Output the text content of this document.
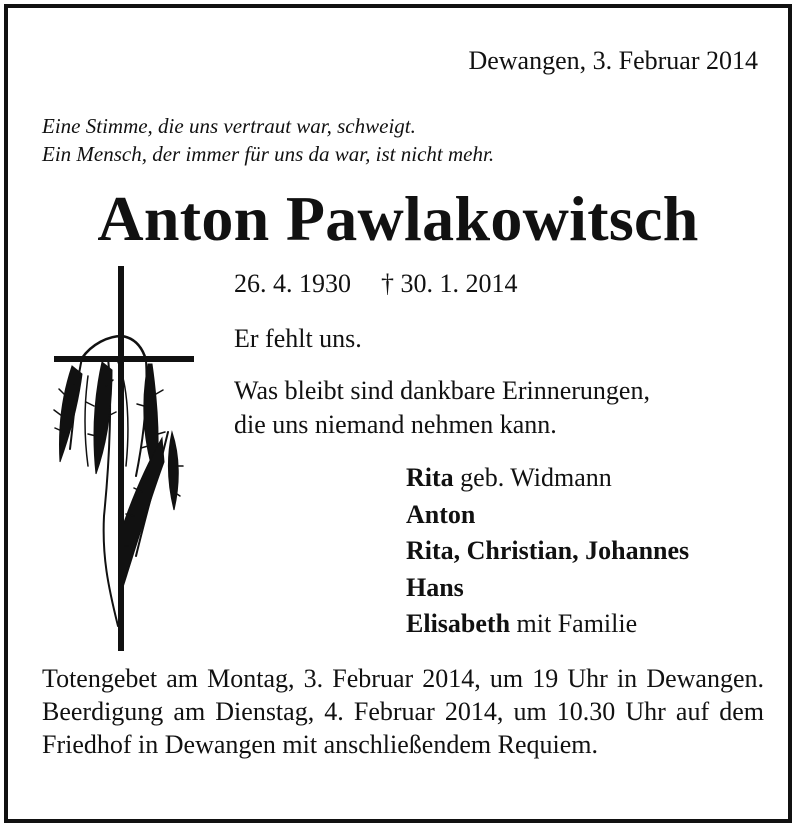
Dewangen, 3. Februar 2014
Eine Stimme, die uns vertraut war, schweigt.
Ein Mensch, der immer für uns da war, ist nicht mehr.
Anton Pawlakowitsch
26. 4. 1930 † 30. 1. 2014
Er fehlt uns.
Was bleibt sind dankbare Erinnerungen,
die uns niemand nehmen kann.
Rita geb. Widmann
Anton
Rita, Christian, Johannes
Hans
Elisabeth mit Familie
Totengebet am Montag, 3. Februar 2014, um 19 Uhr in Dewangen. Beerdigung am Dienstag, 4. Februar 2014, um 10.30 Uhr auf dem Friedhof in Dewangen mit anschließendem Requiem.
